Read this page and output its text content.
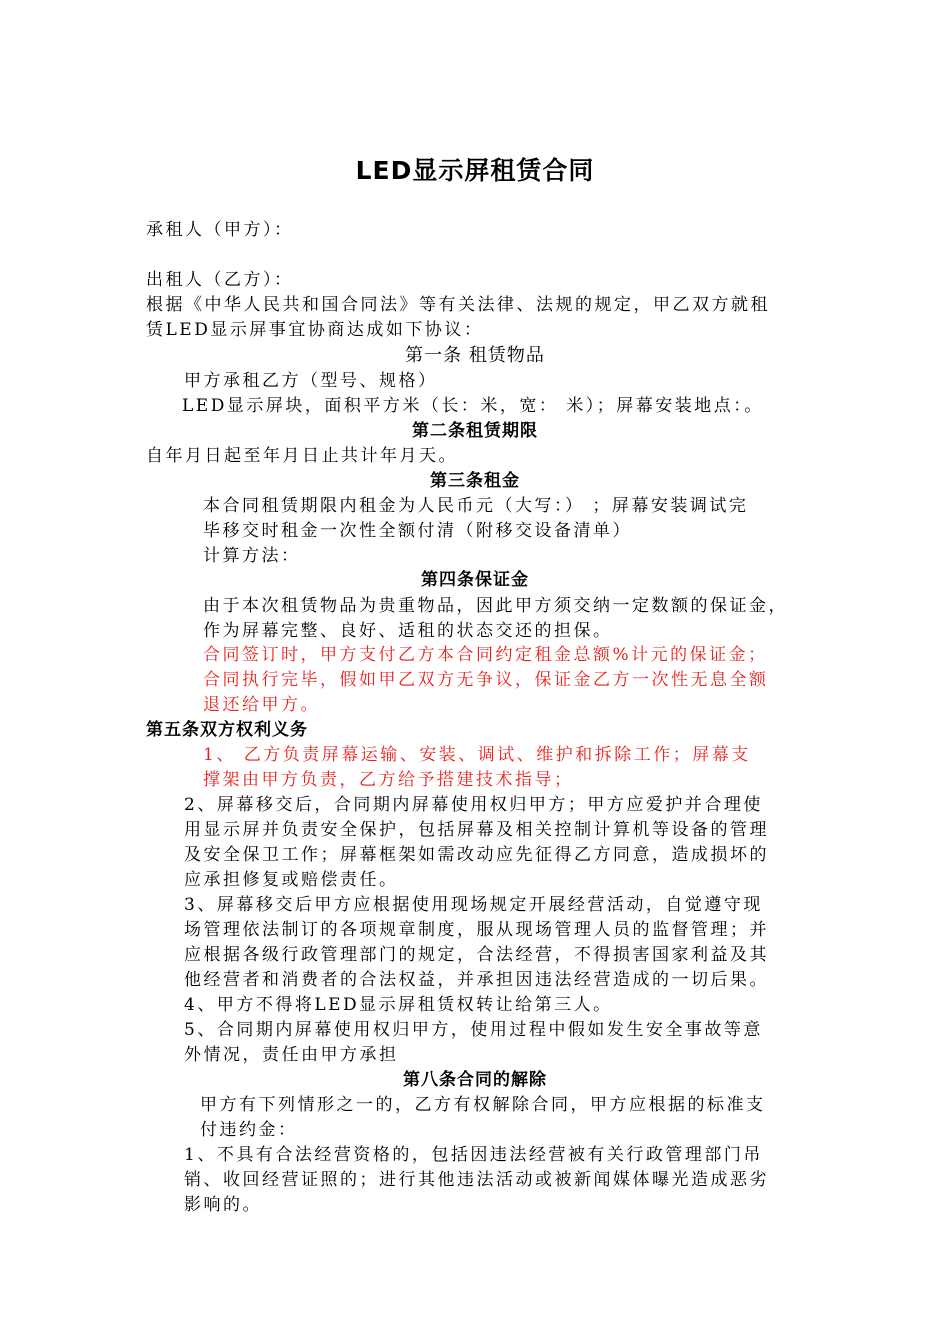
LED显示屏租赁合同
承租人（甲方）：
出租人（乙方）：
根据《中华人民共和国合同法》等有关法律、法规的规定，甲乙双方就租
赁LED显示屏事宜协商达成如下协议：
第一条 租赁物品
甲方承租乙方（型号、规格）
LED显示屏块，面积平方米（长：米，宽： 米）；屏幕安装地点：。
第二条租赁期限
自年月日起至年月日止共计年月天。
第三条租金
本合同租赁期限内租金为人民币元（大写：） ；屏幕安装调试完
毕移交时租金一次性全额付清（附移交设备清单）
计算方法：
第四条保证金
由于本次租赁物品为贵重物品，因此甲方须交纳一定数额的保证金，
作为屏幕完整、良好、适租的状态交还的担保。
合同签订时，甲方支付乙方本合同约定租金总额%计元的保证金；
合同执行完毕，假如甲乙双方无争议，保证金乙方一次性无息全额
退还给甲方。
第五条双方权利义务
1、 乙方负责屏幕运输、安装、调试、维护和拆除工作；屏幕支
撑架由甲方负责，乙方给予搭建技术指导；
2、屏幕移交后，合同期内屏幕使用权归甲方；甲方应爱护并合理使
用显示屏并负责安全保护，包括屏幕及相关控制计算机等设备的管理
及安全保卫工作；屏幕框架如需改动应先征得乙方同意，造成损坏的
应承担修复或赔偿责任。
3、屏幕移交后甲方应根据使用现场规定开展经营活动，自觉遵守现
场管理依法制订的各项规章制度，服从现场管理人员的监督管理；并
应根据各级行政管理部门的规定，合法经营，不得损害国家利益及其
他经营者和消费者的合法权益，并承担因违法经营造成的一切后果。
4、甲方不得将LED显示屏租赁权转让给第三人。
5、合同期内屏幕使用权归甲方，使用过程中假如发生安全事故等意
外情况，责任由甲方承担
第八条合同的解除
甲方有下列情形之一的，乙方有权解除合同，甲方应根据的标准支
付违约金：
1、不具有合法经营资格的，包括因违法经营被有关行政管理部门吊
销、收回经营证照的；进行其他违法活动或被新闻媒体曝光造成恶劣
影响的。
